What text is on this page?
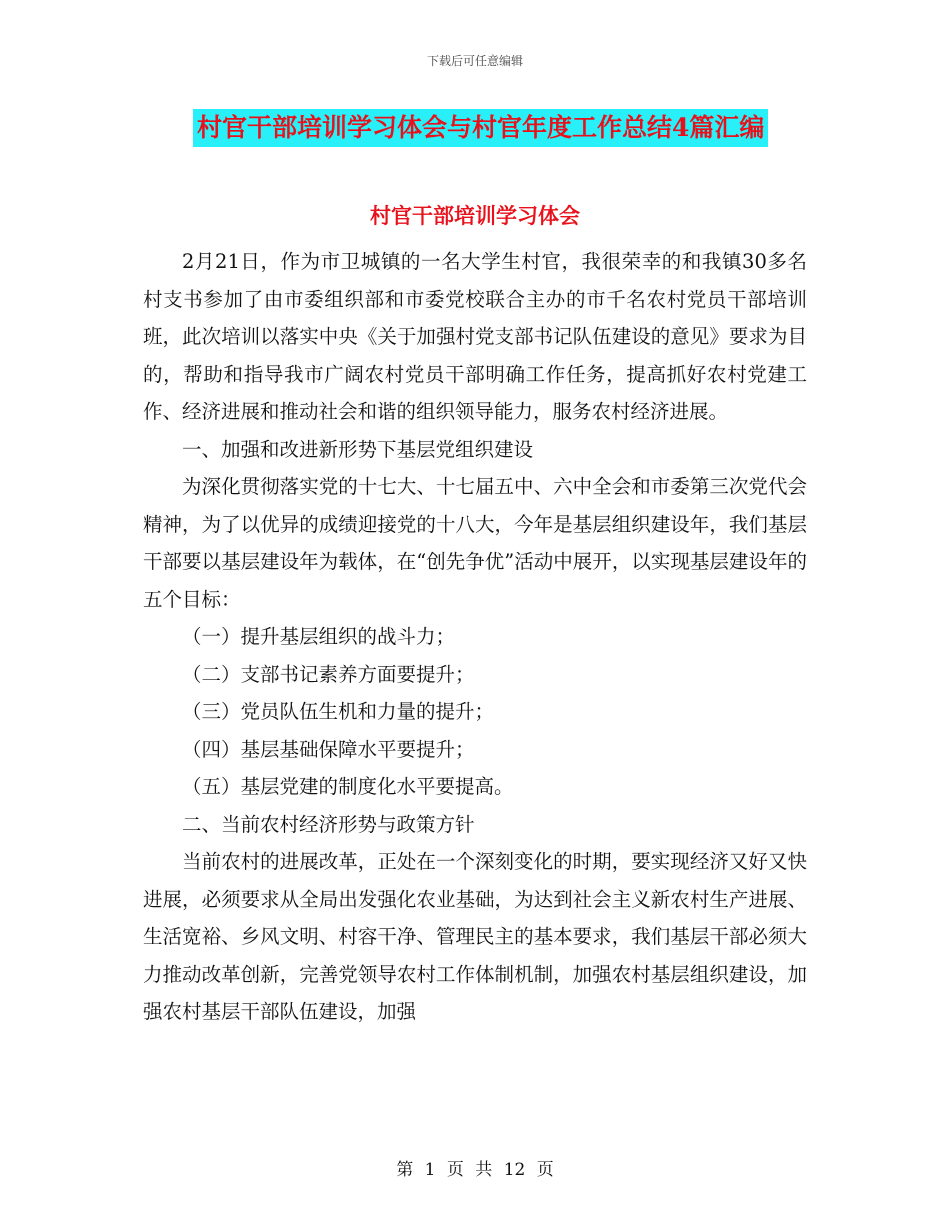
下载后可任意编辑
村官干部培训学习体会与村官年度工作总结4篇汇编
村官干部培训学习体会

2月21日，作为市卫城镇的一名大学生村官，我很荣幸的和我镇30多名村支书参加了由市委组织部和市委党校联合主办的市千名农村党员干部培训班，此次培训以落实中央《关于加强村党支部书记队伍建设的意见》要求为目的，帮助和指导我市广阔农村党员干部明确工作任务，提高抓好农村党建工作、经济进展和推动社会和谐的组织领导能力，服务农村经济进展。

一、加强和改进新形势下基层党组织建设

为深化贯彻落实党的十七大、十七届五中、六中全会和市委第三次党代会精神，为了以优异的成绩迎接党的十八大，今年是基层组织建设年，我们基层干部要以基层建设年为载体，在“创先争优”活动中展开，以实现基层建设年的五个目标：

（一）提升基层组织的战斗力；

（二）支部书记素养方面要提升；

（三）党员队伍生机和力量的提升；

（四）基层基础保障水平要提升；

（五）基层党建的制度化水平要提高。

二、当前农村经济形势与政策方针

当前农村的进展改革，正处在一个深刻变化的时期，要实现经济又好又快进展，必须要求从全局出发强化农业基础，为达到社会主义新农村生产进展、生活宽裕、乡风文明、村容干净、管理民主的基本要求，我们基层干部必须大力推动改革创新，完善党领导农村工作体制机制，加强农村基层组织建设，加强农村基层干部队伍建设，加强

第 1 页 共 12 页
